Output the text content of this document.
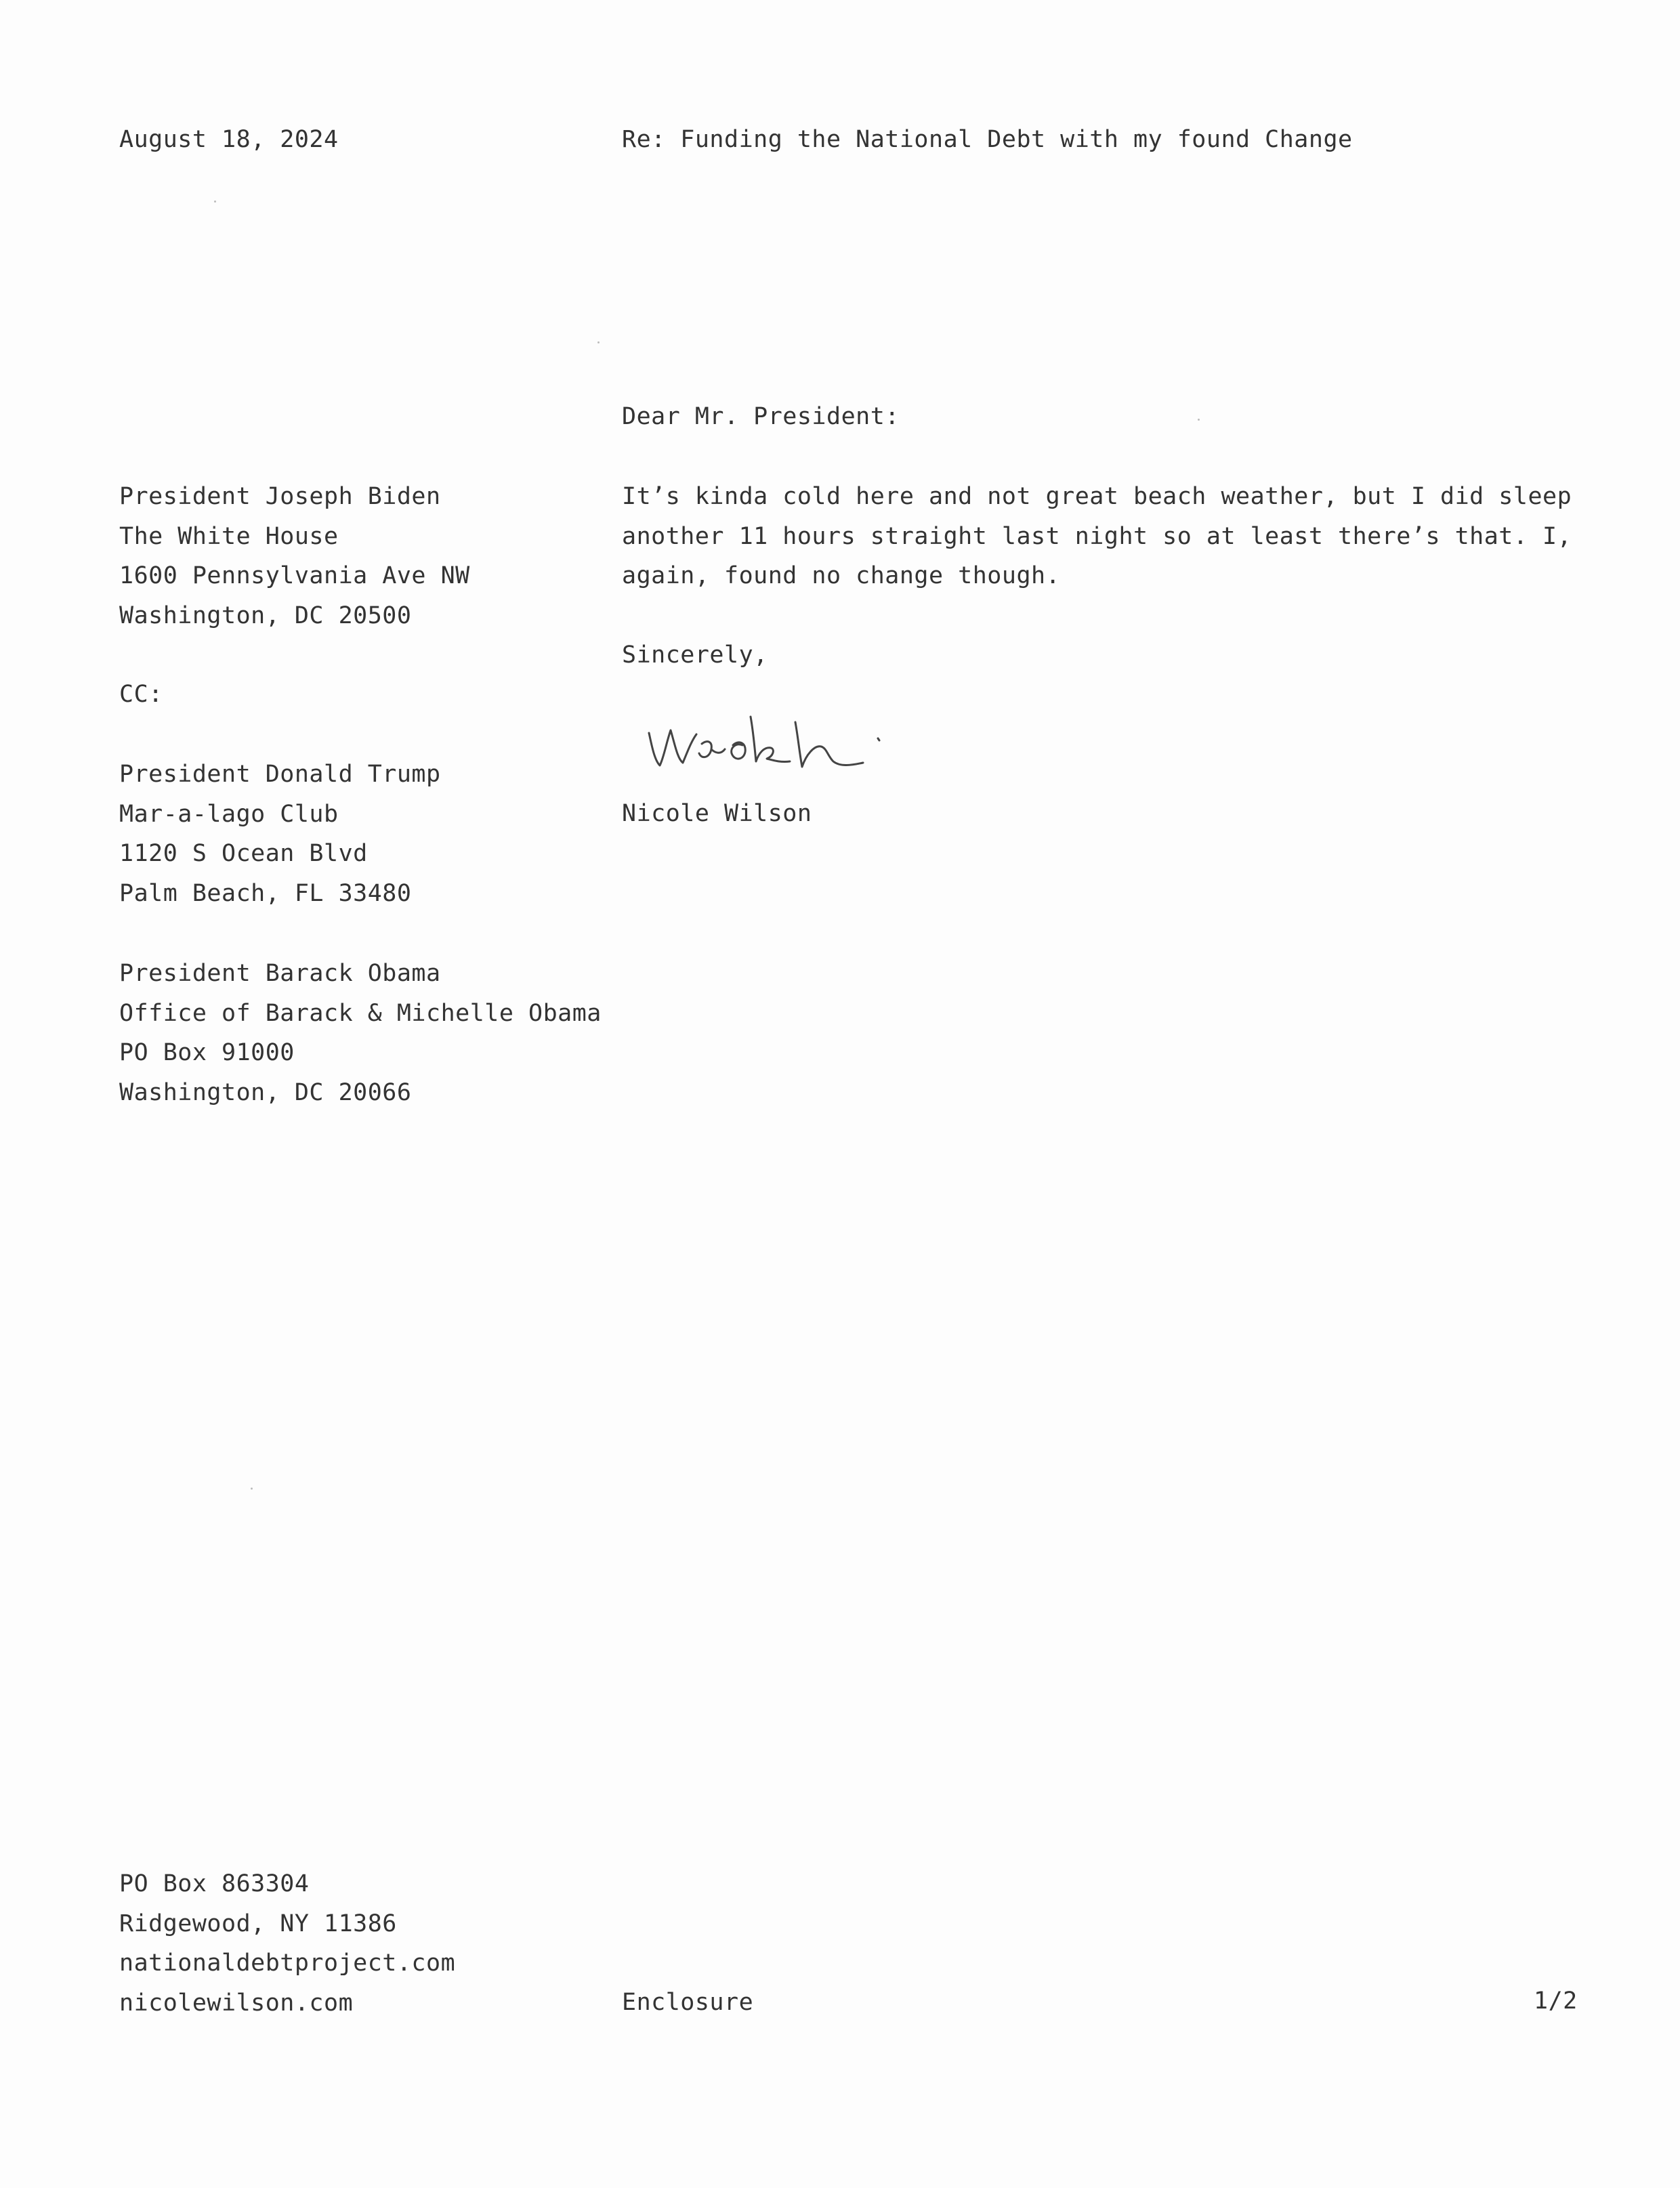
August 18, 2024	Re: Funding the National Debt with my found Change
Dear Mr. President:
President Joseph Biden
The White House
1600 Pennsylvania Ave NW
Washington, DC 20500
It’s kinda cold here and not great beach weather, but I did sleep
another 11 hours straight last night so at least there’s that. I,
again, found no change though.
CC:
Sincerely,
Nicole Wilson
President Donald Trump
Mar-a-lago Club
1120 S Ocean Blvd
Palm Beach, FL 33480
President Barack Obama
Office of Barack & Michelle Obama
PO Box 91000
Washington, DC 20066
PO Box 863304
Ridgewood, NY 11386
nationaldebtproject.com
nicolewilson.com	Enclosure	1/2
